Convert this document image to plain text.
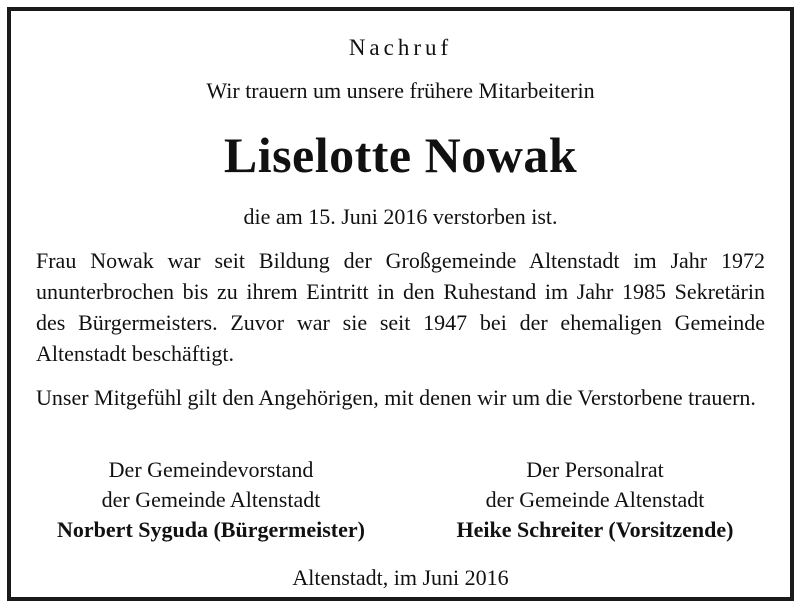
Nachruf
Wir trauern um unsere frühere Mitarbeiterin
Liselotte Nowak
die am 15. Juni 2016 verstorben ist.
Frau Nowak war seit Bildung der Großgemeinde Altenstadt im Jahr 1972 ununterbrochen bis zu ihrem Eintritt in den Ruhestand im Jahr 1985 Sekretärin des Bürgermeisters. Zuvor war sie seit 1947 bei der ehemaligen Gemeinde Altenstadt beschäftigt.
Unser Mitgefühl gilt den Angehörigen, mit denen wir um die Verstorbene trauern.
Der Gemeindevorstand
der Gemeinde Altenstadt
Norbert Syguda (Bürgermeister)
Der Personalrat
der Gemeinde Altenstadt
Heike Schreiter (Vorsitzende)
Altenstadt, im Juni 2016
